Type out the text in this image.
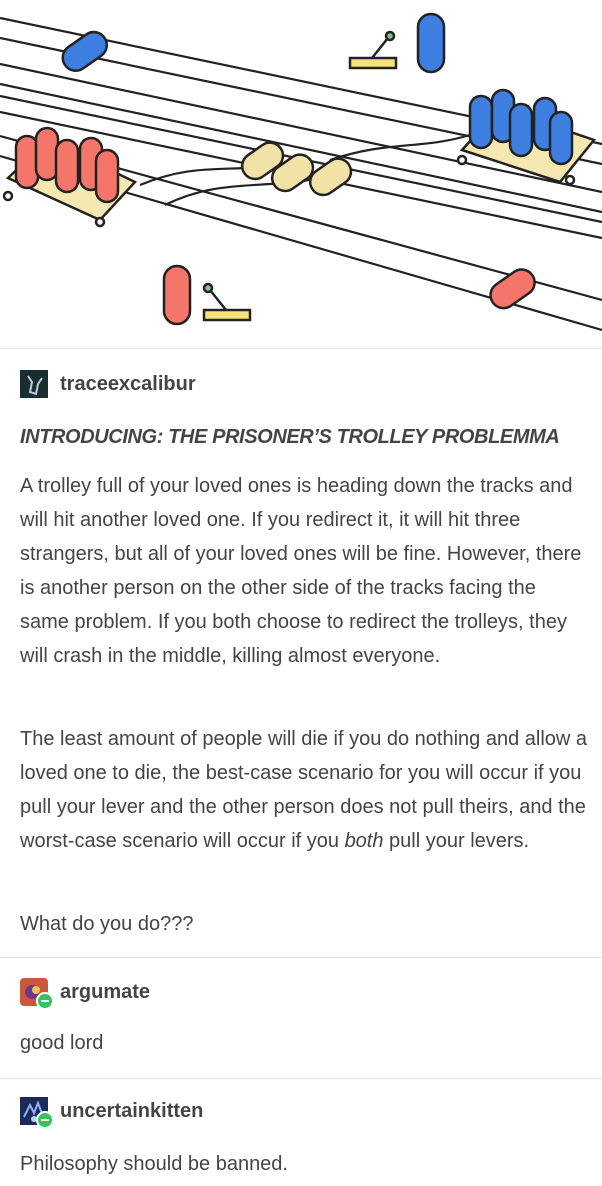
traceexcalibur
INTRODUCING: THE PRISONER’S TROLLEY PROBLEMMA
A trolley full of your loved ones is heading down the tracks and will hit another loved one. If you redirect it, it will hit three strangers, but all of your loved ones will be fine. However, there is another person on the other side of the tracks facing the same problem. If you both choose to redirect the trolleys, they will crash in the middle, killing almost everyone.
The least amount of people will die if you do nothing and allow a loved one to die, the best-case scenario for you will occur if you pull your lever and the other person does not pull theirs, and the worst-case scenario will occur if you both pull your levers.
What do you do???
argumate
good lord
uncertainkitten
Philosophy should be banned.
